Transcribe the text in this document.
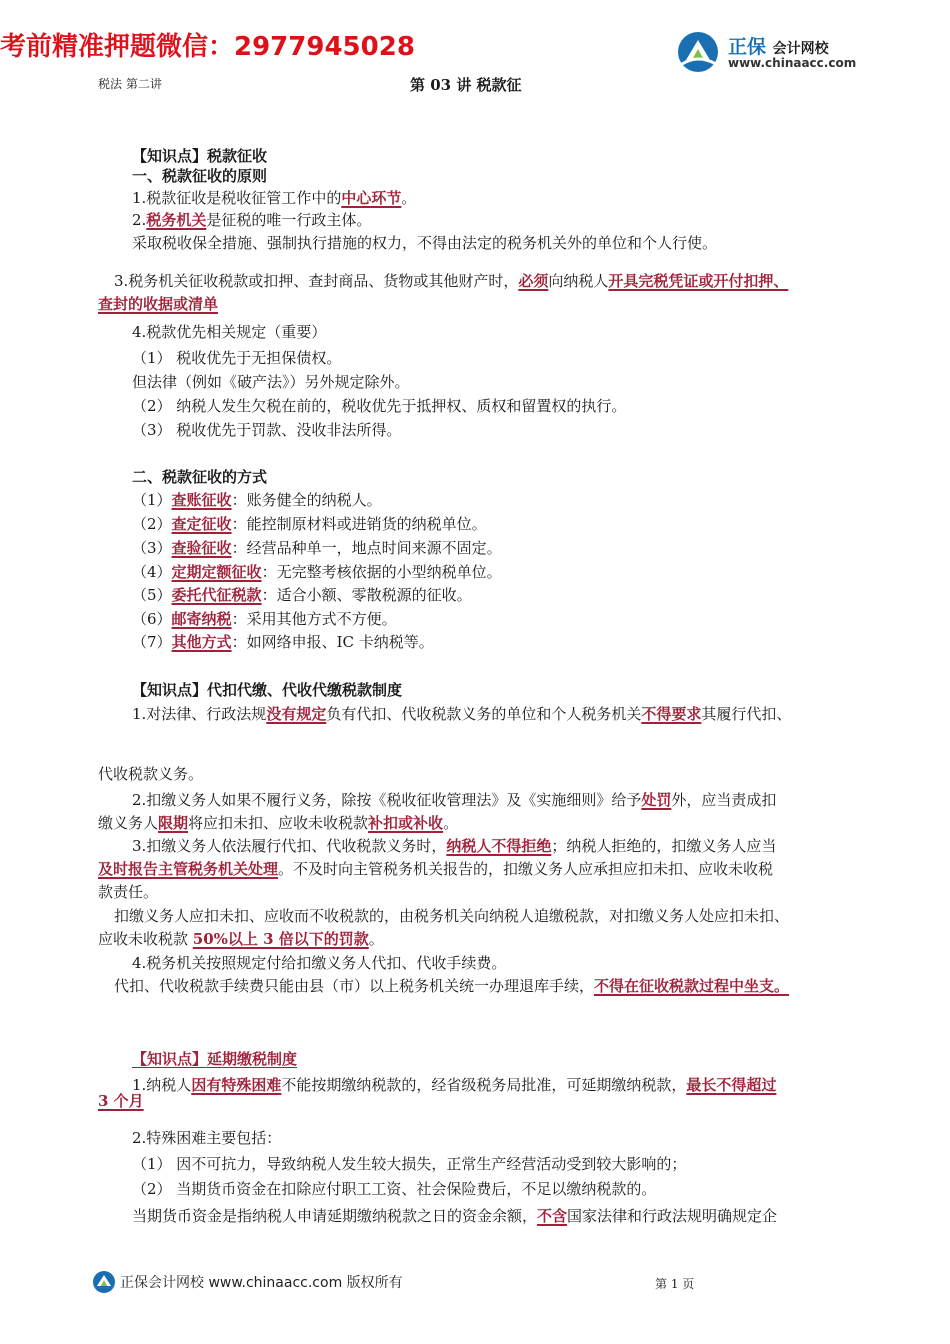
考前精准押题微信：2977945028	正保 会计网校
www.chinaacc.com
$^{税法 第二讲}$	第 03 讲 税款征
【知识点】税款征收
一、税款征收的原则
1.税款征收是税收征管工作中的中心环节。
2.税务机关是征税的唯一行政主体。
采取税收保全措施、强制执行措施的权力，不得由法定的税务机关外的单位和个人行使。
3.税务机关征收税款或扣押、查封商品、货物或其他财产时，必须向纳税人开具完税凭证或开付扣押、
查封的收据或清单
4.税款优先相关规定（重要）
（1） 税收优先于无担保债权。
但法律（例如《破产法》）另外规定除外。
（2） 纳税人发生欠税在前的，税收优先于抵押权、质权和留置权的执行。
（3） 税收优先于罚款、没收非法所得。
二、税款征收的方式
（1）查账征收：账务健全的纳税人。
（2）查定征收：能控制原材料或进销货的纳税单位。
（3）查验征收：经营品种单一，地点时间来源不固定。
（4）定期定额征收：无完整考核依据的小型纳税单位。
（5）委托代征税款：适合小额、零散税源的征收。
（6）邮寄纳税：采用其他方式不方便。
（7）其他方式：如网络申报、IC 卡纳税等。
【知识点】代扣代缴、代收代缴税款制度
1.对法律、行政法规没有规定负有代扣、代收税款义务的单位和个人税务机关不得要求其履行代扣、
代收税款义务。
2.扣缴义务人如果不履行义务，除按《税收征收管理法》及《实施细则》给予处罚外，应当责成扣
缴义务人限期将应扣未扣、应收未收税款补扣或补收。
3.扣缴义务人依法履行代扣、代收税款义务时，纳税人不得拒绝；纳税人拒绝的，扣缴义务人应当
及时报告主管税务机关处理。不及时向主管税务机关报告的，扣缴义务人应承担应扣未扣、应收未收税
款责任。
扣缴义务人应扣未扣、应收而不收税款的，由税务机关向纳税人追缴税款，对扣缴义务人处应扣未扣、
应收未收税款 50%以上 3 倍以下的罚款。
4.税务机关按照规定付给扣缴义务人代扣、代收手续费。
代扣、代收税款手续费只能由县（市）以上税务机关统一办理退库手续，不得在征收税款过程中坐支。
【知识点】延期缴税制度
1.纳税人因有特殊困难不能按期缴纳税款的，经省级税务局批准，可延期缴纳税款，最长不得超过
3 个月
2.特殊困难主要包括：
（1） 因不可抗力，导致纳税人发生较大损失，正常生产经营活动受到较大影响的；
（2） 当期货币资金在扣除应付职工工资、社会保险费后，不足以缴纳税款的。
当期货币资金是指纳税人申请延期缴纳税款之日的资金余额，不含国家法律和行政法规明确规定企
正保会计网校 www.chinaacc.com 版权所有	$^{第 1 页}$
